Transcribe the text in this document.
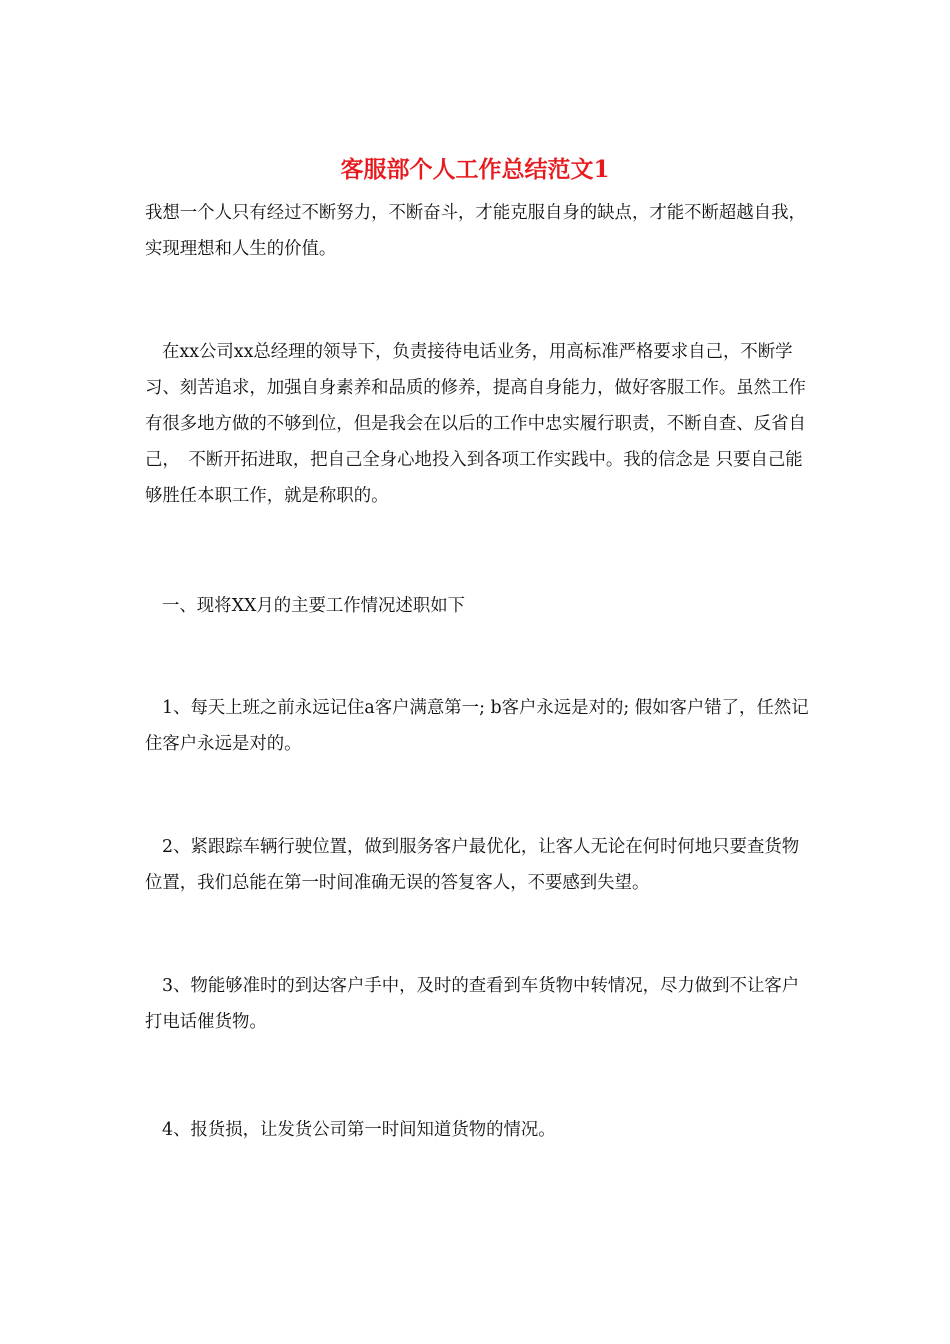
客服部个人工作总结范文1

我想一个人只有经过不断努力，不断奋斗，才能克服自身的缺点，才能不断超越自我，实现理想和人生的价值。

在xx公司xx总经理的领导下，负责接待电话业务，用高标准严格要求自己，不断学习、刻苦追求，加强自身素养和品质的修养，提高自身能力，做好客服工作。虽然工作有很多地方做的不够到位，但是我会在以后的工作中忠实履行职责，不断自查、反省自己，　不断开拓进取，把自己全身心地投入到各项工作实践中。我的信念是 只要自己能够胜任本职工作，就是称职的。

一、现将XX月的主要工作情况述职如下

1、每天上班之前永远记住a客户满意第一; b客户永远是对的; 假如客户错了，任然记住客户永远是对的。

2、紧跟踪车辆行驶位置，做到服务客户最优化，让客人无论在何时何地只要查货物位置，我们总能在第一时间准确无误的答复客人，不要感到失望。

3、物能够准时的到达客户手中，及时的查看到车货物中转情况，尽力做到不让客户打电话催货物。

4、报货损，让发货公司第一时间知道货物的情况。
